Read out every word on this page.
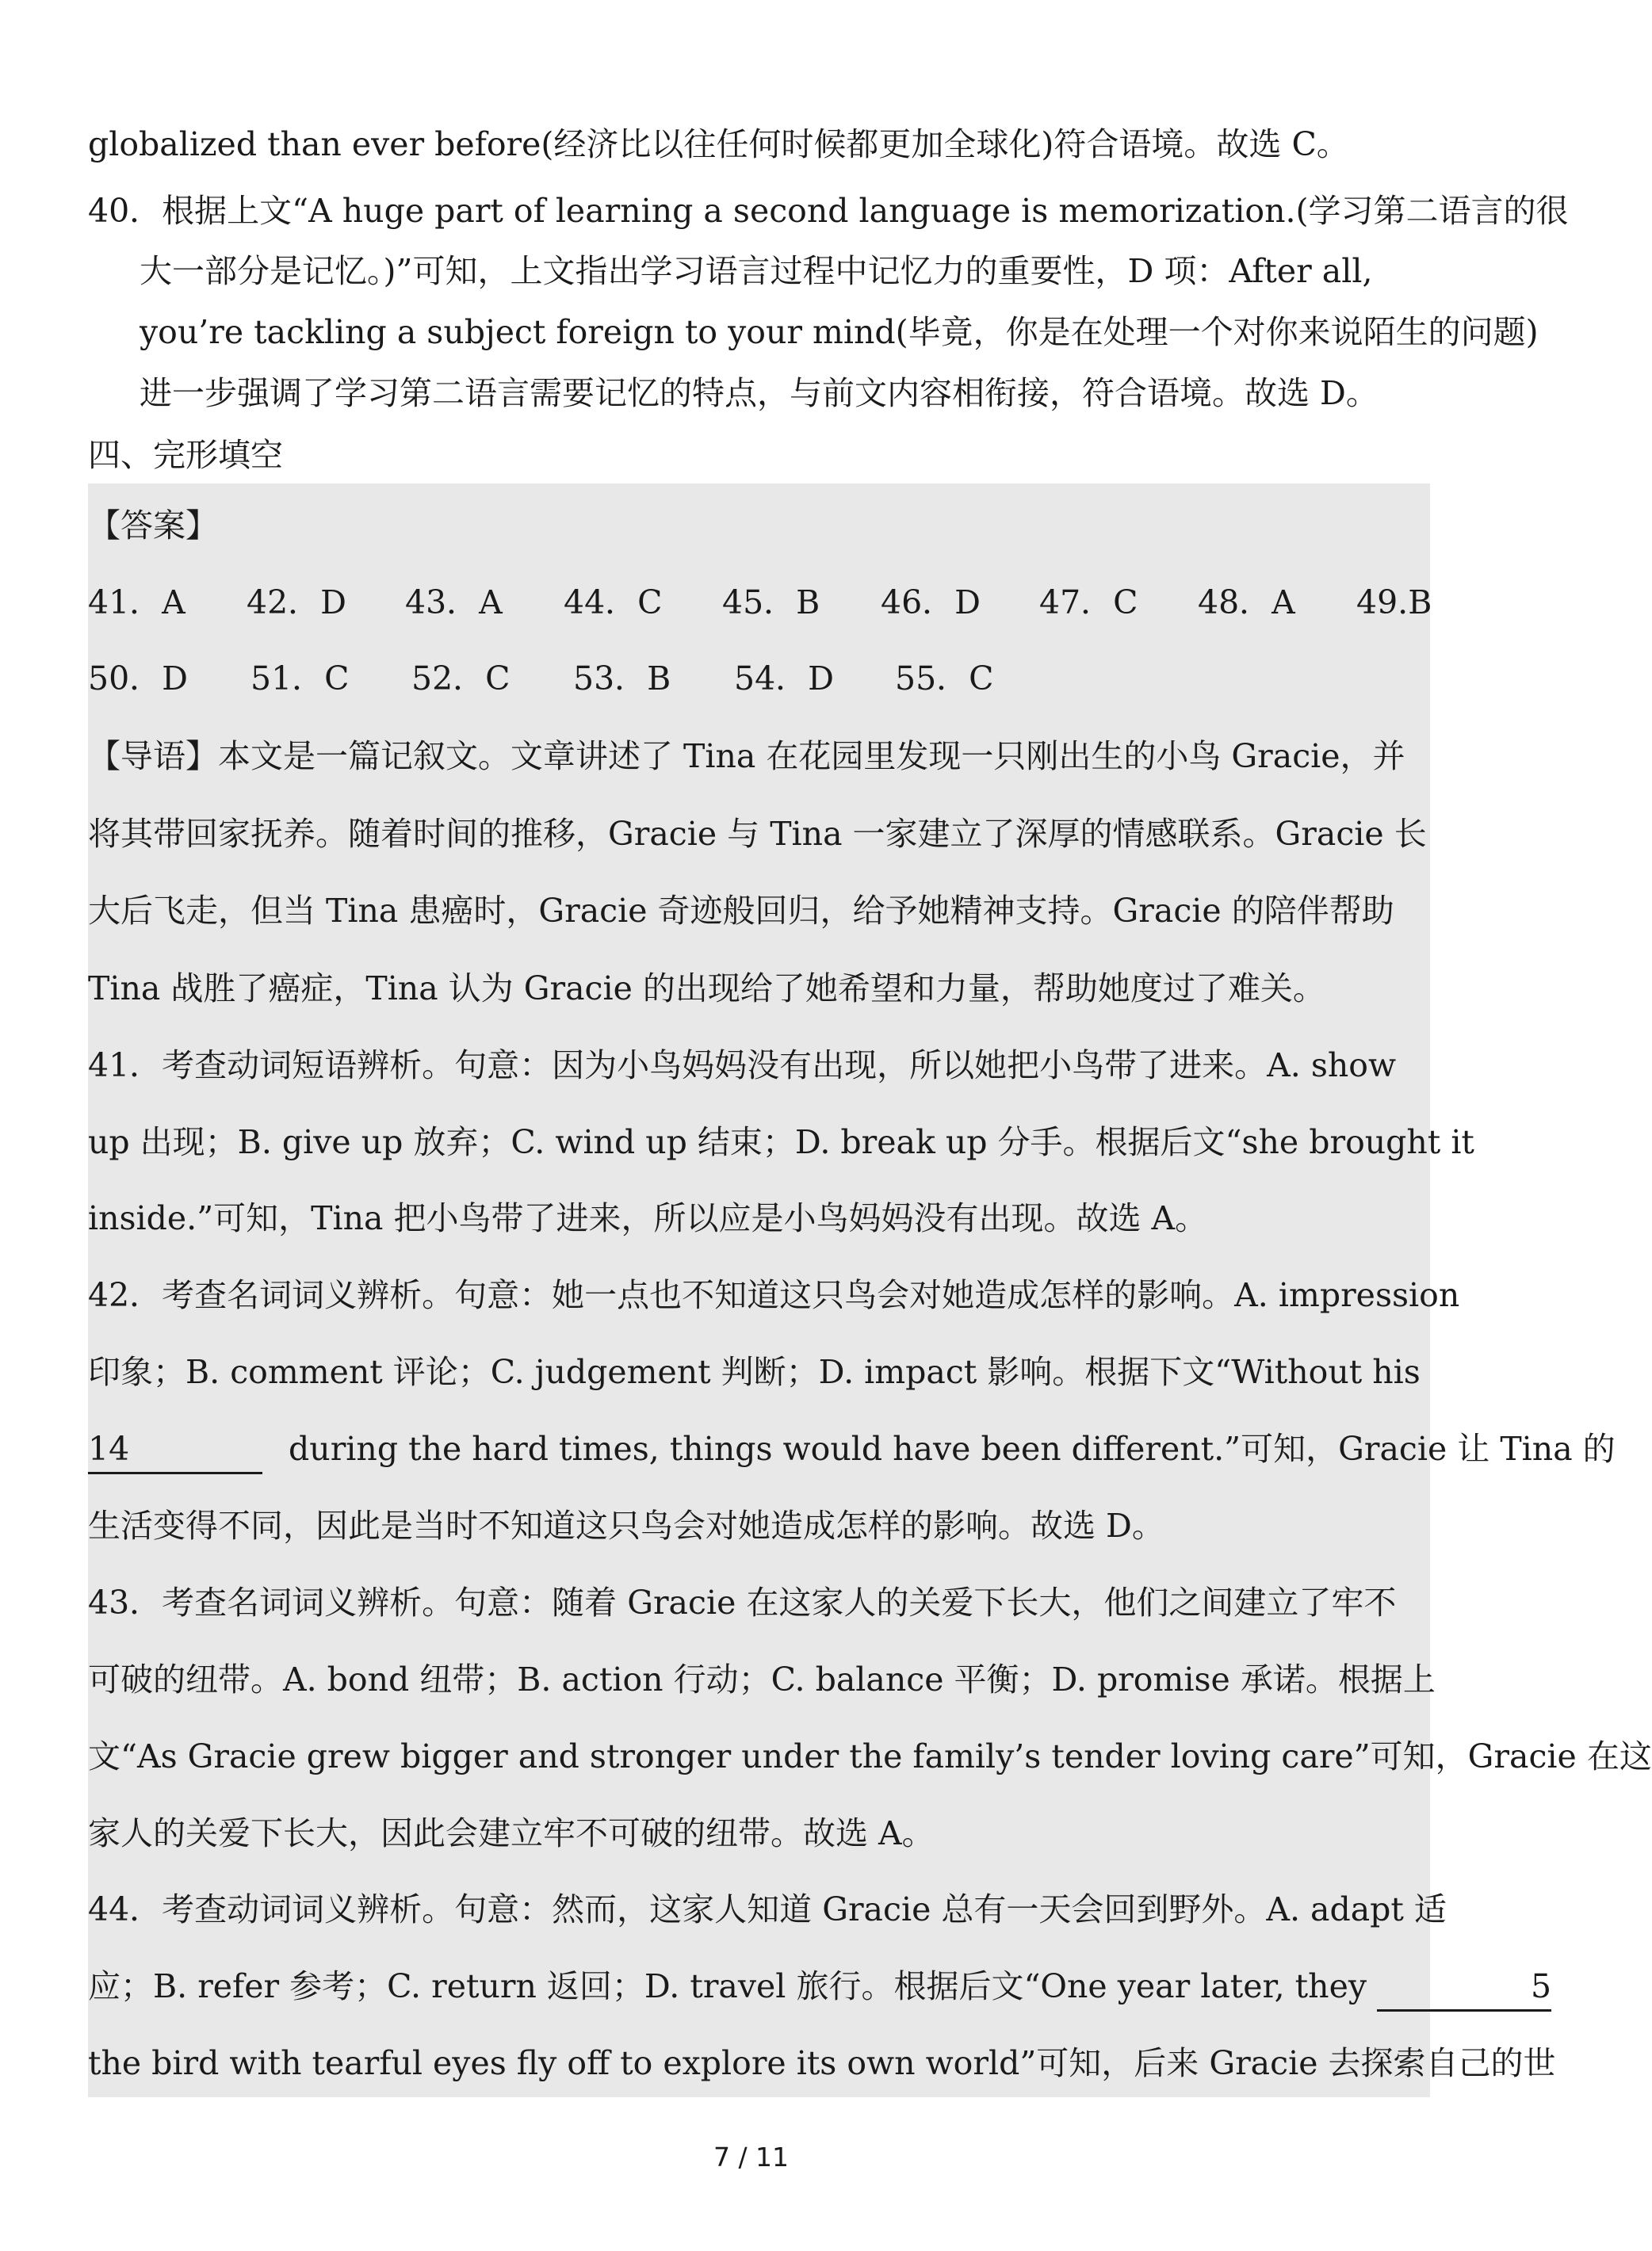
globalized than ever before(经济比以往任何时候都更加全球化)符合语境。故选 C。
40．根据上文“A huge part of learning a second language is memorization.(学习第二语言的很
大一部分是记忆。)”可知，上文指出学习语言过程中记忆力的重要性，D 项：After all,
you’re tackling a subject foreign to your mind(毕竟，你是在处理一个对你来说陌生的问题)
进一步强调了学习第二语言需要记忆的特点，与前文内容相衔接，符合语境。故选 D。
四、完形填空
【答案】
41．A 42．D 43．A 44．C 45．B 46．D 47．C 48．A 49.B
50．D 51．C 52．C 53．B 54．D 55．C
【导语】本文是一篇记叙文。文章讲述了 Tina 在花园里发现一只刚出生的小鸟 Gracie，并
将其带回家抚养。随着时间的推移，Gracie 与 Tina 一家建立了深厚的情感联系。Gracie 长
大后飞走，但当 Tina 患癌时，Gracie 奇迹般回归，给予她精神支持。Gracie 的陪伴帮助
Tina 战胜了癌症，Tina 认为 Gracie 的出现给了她希望和力量，帮助她度过了难关。
41．考查动词短语辨析。句意：因为小鸟妈妈没有出现，所以她把小鸟带了进来。A. show
up 出现；B. give up 放弃；C. wind up 结束；D. break up 分手。根据后文“she brought it
inside.”可知，Tina 把小鸟带了进来，所以应是小鸟妈妈没有出现。故选 A。
42．考查名词词义辨析。句意：她一点也不知道这只鸟会对她造成怎样的影响。A. impression
印象；B. comment 评论；C. judgement 判断；D. impact 影响。根据下文“Without his
14	during the hard times, things would have been different.”可知，Gracie 让 Tina 的
生活变得不同，因此是当时不知道这只鸟会对她造成怎样的影响。故选 D。
43．考查名词词义辨析。句意：随着 Gracie 在这家人的关爱下长大，他们之间建立了牢不
可破的纽带。A. bond 纽带；B. action 行动；C. balance 平衡；D. promise 承诺。根据上
文“As Gracie grew bigger and stronger under the family’s tender loving care”可知，Gracie 在这
家人的关爱下长大，因此会建立牢不可破的纽带。故选 A。
44．考查动词词义辨析。句意：然而，这家人知道 Gracie 总有一天会回到野外。A. adapt 适
应；B. refer 参考；C. return 返回；D. travel 旅行。根据后文“One year later, they	5
the bird with tearful eyes fly off to explore its own world”可知，后来 Gracie 去探索自己的世
7 / 11
